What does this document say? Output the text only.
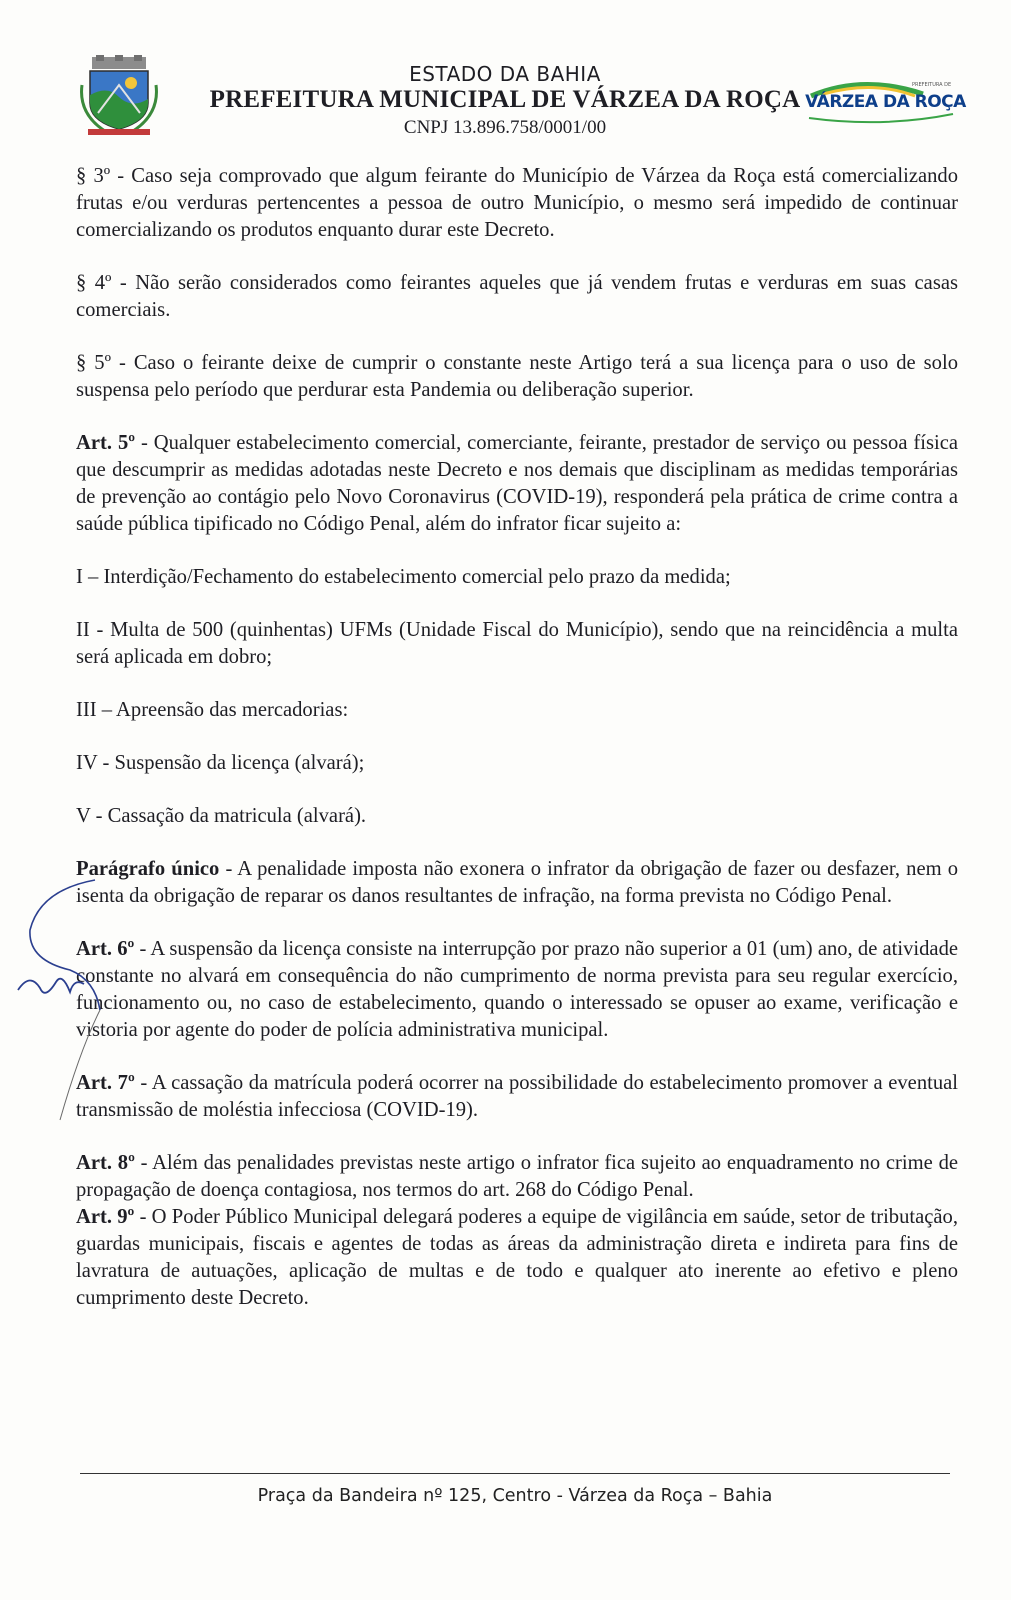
ESTADO DA BAHIA
PREFEITURA MUNICIPAL DE VÁRZEA DA ROÇA
CNPJ 13.896.758/0001/00
PREFEITURA DE
VÁRZEA DA ROÇA

§ 3º - Caso seja comprovado que algum feirante do Município de Várzea da Roça está comercializando frutas e/ou verduras pertencentes a pessoa de outro Município, o mesmo será impedido de continuar comercializando os produtos enquanto durar este Decreto.

§ 4º - Não serão considerados como feirantes aqueles que já vendem frutas e verduras em suas casas comerciais.

§ 5º - Caso o feirante deixe de cumprir o constante neste Artigo terá a sua licença para o uso de solo suspensa pelo período que perdurar esta Pandemia ou deliberação superior.

Art. 5º - Qualquer estabelecimento comercial, comerciante, feirante, prestador de serviço ou pessoa física que descumprir as medidas adotadas neste Decreto e nos demais que disciplinam as medidas temporárias de prevenção ao contágio pelo Novo Coronavirus (COVID-19), responderá pela prática de crime contra a saúde pública tipificado no Código Penal, além do infrator ficar sujeito a:

I – Interdição/Fechamento do estabelecimento comercial pelo prazo da medida;

II - Multa de 500 (quinhentas) UFMs (Unidade Fiscal do Município), sendo que na reincidência a multa será aplicada em dobro;

III – Apreensão das mercadorias:

IV - Suspensão da licença (alvará);

V - Cassação da matricula (alvará).

Parágrafo único - A penalidade imposta não exonera o infrator da obrigação de fazer ou desfazer, nem o isenta da obrigação de reparar os danos resultantes de infração, na forma prevista no Código Penal.

Art. 6º - A suspensão da licença consiste na interrupção por prazo não superior a 01 (um) ano, de atividade constante no alvará em consequência do não cumprimento de norma prevista para seu regular exercício, funcionamento ou, no caso de estabelecimento, quando o interessado se opuser ao exame, verificação e vistoria por agente do poder de polícia administrativa municipal.

Art. 7º - A cassação da matrícula poderá ocorrer na possibilidade do estabelecimento promover a eventual transmissão de moléstia infecciosa (COVID-19).

Art. 8º - Além das penalidades previstas neste artigo o infrator fica sujeito ao enquadramento no crime de propagação de doença contagiosa, nos termos do art. 268 do Código Penal.

Art. 9º - O Poder Público Municipal delegará poderes a equipe de vigilância em saúde, setor de tributação, guardas municipais, fiscais e agentes de todas as áreas da administração direta e indireta para fins de lavratura de autuações, aplicação de multas e de todo e qualquer ato inerente ao efetivo e pleno cumprimento deste Decreto.

Praça da Bandeira nº 125, Centro - Várzea da Roça – Bahia
